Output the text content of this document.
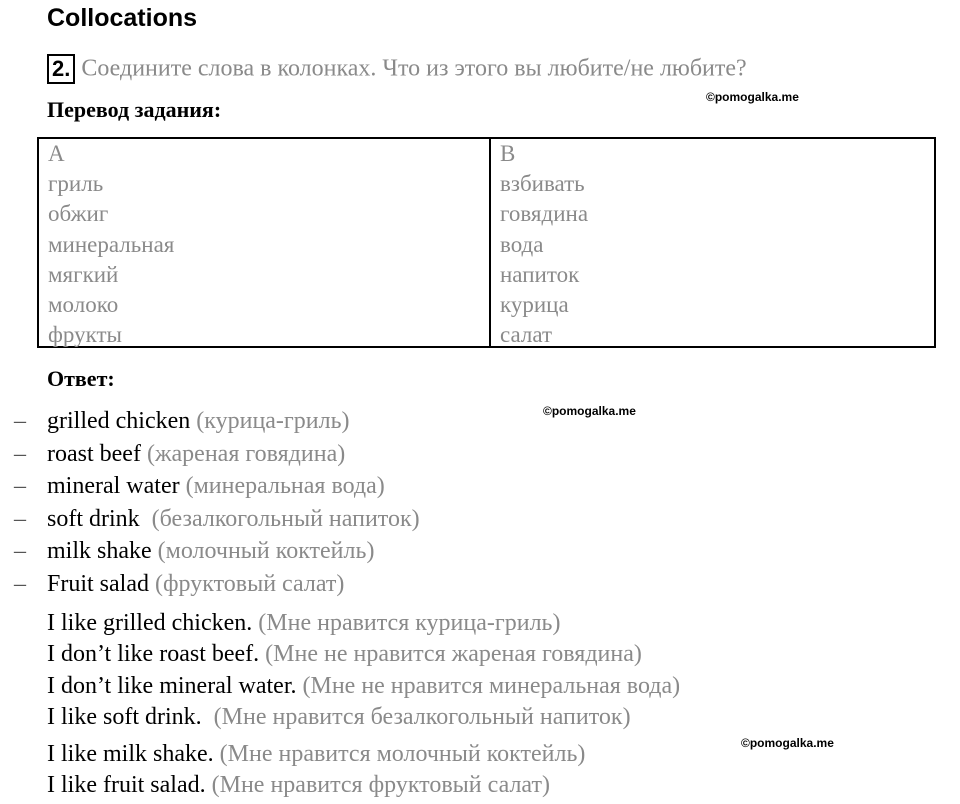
Collocations
2. Соедините слова в колонках. Что из этого вы любите/не любите?
©pomogalka.me
Перевод задания:
A
гриль
обжиг
минеральная
мягкий
молоко
фрукты
B
взбивать
говядина
вода
напиток
курица
салат
Ответ:
©pomogalka.me
– grilled chicken (курица-гриль)
– roast beef (жареная говядина)
– mineral water (минеральная вода)
– soft drink (безалкогольный напиток)
– milk shake (молочный коктейль)
– Fruit salad (фруктовый салат)
I like grilled chicken. (Мне нравится курица-гриль)
I don’t like roast beef. (Мне не нравится жареная говядина)
I don’t like mineral water. (Мне не нравится минеральная вода)
I like soft drink.  (Мне нравится безалкогольный напиток)
©pomogalka.me
I like milk shake. (Мне нравится молочный коктейль)
I like fruit salad. (Мне нравится фруктовый салат)
